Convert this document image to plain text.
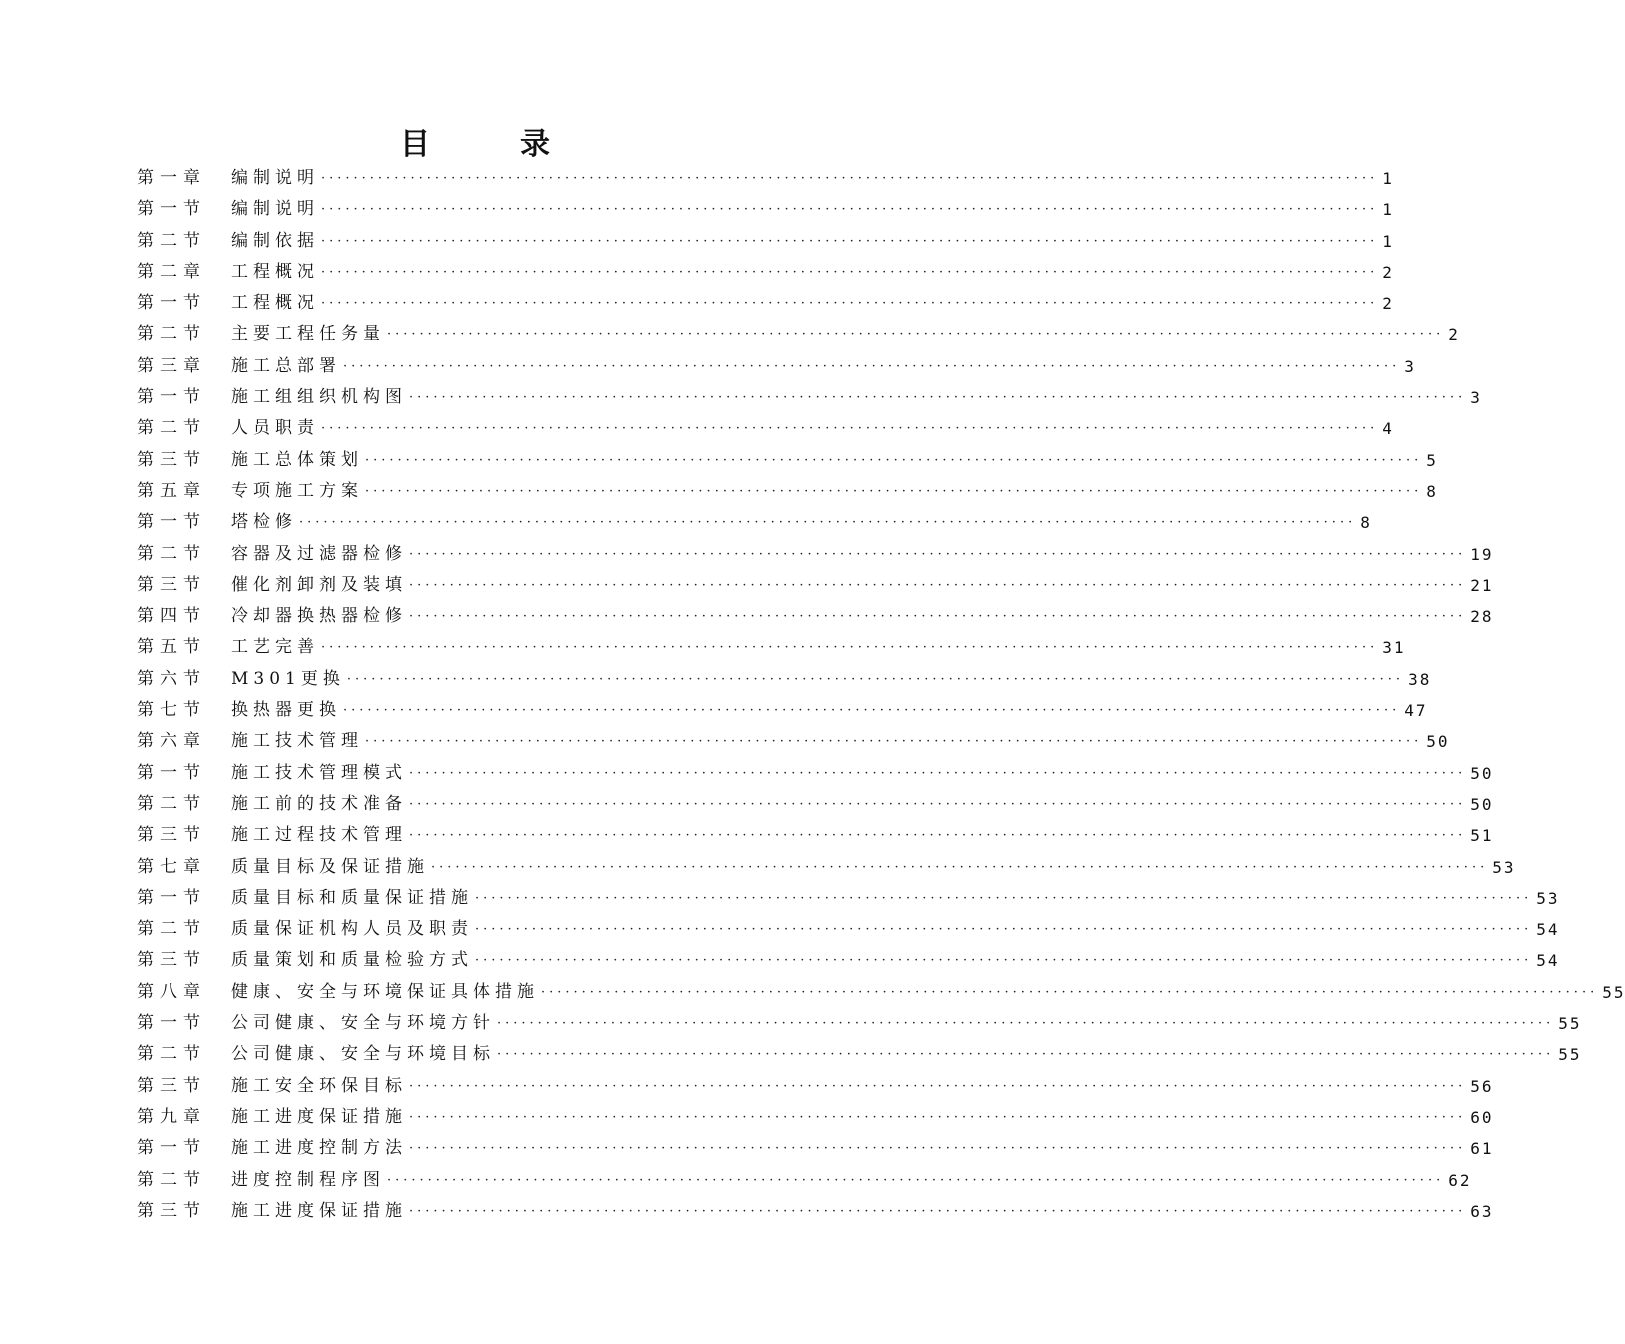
目	录
第一章	编制说明 ·································································································································· 1
第一节	编制说明 ·································································································································· 1
第二节	编制依据 ·································································································································· 1
第二章	工程概况 ·································································································································· 2
第一节	工程概况 ·································································································································· 2
第二节	主要工程任务量 ·································································································································· 2
第三章	施工总部署 ·································································································································· 3
第一节	施工组组织机构图 ·································································································································· 3
第二节	人员职责 ·································································································································· 4
第三节	施工总体策划 ·································································································································· 5
第五章	专项施工方案 ·································································································································· 8
第一节	塔检修 ·································································································································· 8
第二节	容器及过滤器检修 ·································································································································· 19
第三节	催化剂卸剂及装填 ·································································································································· 21
第四节	冷却器换热器检修 ·································································································································· 28
第五节	工艺完善 ·································································································································· 31
第六节	M301更换 ·································································································································· 38
第七节	换热器更换 ·································································································································· 47
第六章	施工技术管理 ·································································································································· 50
第一节	施工技术管理模式 ·································································································································· 50
第二节	施工前的技术准备 ·································································································································· 50
第三节	施工过程技术管理 ·································································································································· 51
第七章	质量目标及保证措施 ·································································································································· 53
第一节	质量目标和质量保证措施 ·································································································································· 53
第二节	质量保证机构人员及职责 ·································································································································· 54
第三节	质量策划和质量检验方式 ·································································································································· 54
第八章	健康、安全与环境保证具体措施 ·································································································································· 55
第一节	公司健康、安全与环境方针 ·································································································································· 55
第二节	公司健康、安全与环境目标 ·································································································································· 55
第三节	施工安全环保目标 ·································································································································· 56
第九章	施工进度保证措施 ·································································································································· 60
第一节	施工进度控制方法 ·································································································································· 61
第二节	进度控制程序图 ·································································································································· 62
第三节	施工进度保证措施 ·································································································································· 63
